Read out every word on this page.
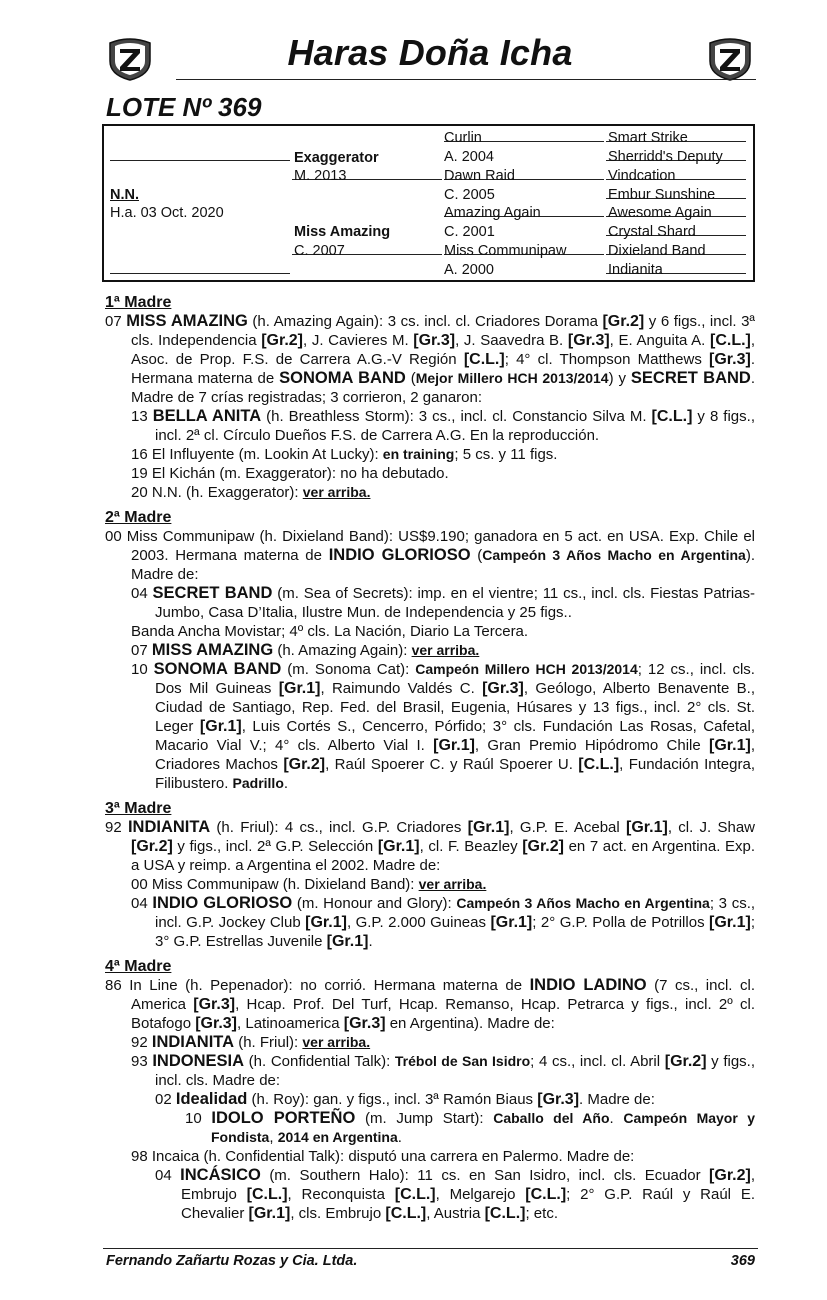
Haras Doña Icha
LOTE Nº 369
N.N.
H.a. 03 Oct. 2020
Exaggerator
M. 2013
Miss Amazing
C. 2007
Curlin
A. 2004
Dawn Raid
C. 2005
Amazing Again
C. 2001
Miss Communipaw
A. 2000
Smart Strike
Sherridd's Deputy
Vindcation
Embur Sunshine
Awesome Again
Crystal Shard
Dixieland Band
Indianita
1ª Madre
07 MISS AMAZING (h. Amazing Again): 3 cs. incl. cl. Criadores Dorama [Gr.2] y 6 figs., incl. 3ª cls. Independencia [Gr.2], J. Cavieres M. [Gr.3], J. Saavedra B. [Gr.3], E. Anguita A. [C.L.], Asoc. de Prop. F.S. de Carrera A.G.-V Región [C.L.]; 4° cl. Thompson Matthews [Gr.3]. Hermana materna de SONOMA BAND (Mejor Millero HCH 2013/2014) y SECRET BAND. Madre de 7 crías registradas; 3 corrieron, 2 ganaron:
13 BELLA ANITA (h. Breathless Storm): 3 cs., incl. cl. Constancio Silva M. [C.L.] y 8 figs., incl. 2ª cl. Círculo Dueños F.S. de Carrera A.G. En la reproducción.
16 El Influyente (m. Lookin At Lucky): en training; 5 cs. y 11 figs.
19 El Kichán (m. Exaggerator): no ha debutado.
20 N.N. (h. Exaggerator): ver arriba.
2ª Madre
00 Miss Communipaw (h. Dixieland Band): US$9.190; ganadora en 5 act. en USA. Exp. Chile el 2003. Hermana materna de INDIO GLORIOSO (Campeón 3 Años Macho en Argentina). Madre de:
04 SECRET BAND (m. Sea of Secrets): imp. en el vientre; 11 cs., incl. cls. Fiestas Patrias-Jumbo, Casa D’Italia, Ilustre Mun. de Independencia y 25 figs..
Banda Ancha Movistar; 4º cls. La Nación, Diario La Tercera.
07 MISS AMAZING (h. Amazing Again): ver arriba.
10 SONOMA BAND (m. Sonoma Cat): Campeón Millero HCH 2013/2014; 12 cs., incl. cls. Dos Mil Guineas [Gr.1], Raimundo Valdés C. [Gr.3], Geólogo, Alberto Benavente B., Ciudad de Santiago, Rep. Fed. del Brasil, Eugenia, Húsares y 13 figs., incl. 2° cls. St. Leger [Gr.1], Luis Cortés S., Cencerro, Pórfido; 3° cls. Fundación Las Rosas, Cafetal, Macario Vial V.; 4° cls. Alberto Vial I. [Gr.1], Gran Premio Hipódromo Chile [Gr.1], Criadores Machos [Gr.2], Raúl Spoerer C. y Raúl Spoerer U. [C.L.], Fundación Integra, Filibustero. Padrillo.
3ª Madre
92 INDIANITA (h. Friul): 4 cs., incl. G.P. Criadores [Gr.1], G.P. E. Acebal [Gr.1], cl. J. Shaw [Gr.2] y figs., incl. 2ª G.P. Selección [Gr.1], cl. F. Beazley [Gr.2] en 7 act. en Argentina. Exp. a USA y reimp. a Argentina el 2002. Madre de:
00 Miss Communipaw (h. Dixieland Band): ver arriba.
04 INDIO GLORIOSO (m. Honour and Glory): Campeón 3 Años Macho en Argentina; 3 cs., incl. G.P. Jockey Club [Gr.1], G.P. 2.000 Guineas [Gr.1]; 2° G.P. Polla de Potrillos [Gr.1]; 3° G.P. Estrellas Juvenile [Gr.1].
4ª Madre
86 In Line (h. Pepenador): no corrió. Hermana materna de INDIO LADINO (7 cs., incl. cl. America [Gr.3], Hcap. Prof. Del Turf, Hcap. Remanso, Hcap. Petrarca y figs., incl. 2º cl. Botafogo [Gr.3], Latinoamerica [Gr.3] en Argentina). Madre de:
92 INDIANITA (h. Friul): ver arriba.
93 INDONESIA (h. Confidential Talk): Trébol de San Isidro; 4 cs., incl. cl. Abril [Gr.2] y figs., incl. cls. Madre de:
02 Idealidad (h. Roy): gan. y figs., incl. 3ª Ramón Biaus [Gr.3]. Madre de:
10 IDOLO PORTEÑO (m. Jump Start): Caballo del Año. Campeón Mayor y Fondista, 2014 en Argentina.
98 Incaica (h. Confidential Talk): disputó una carrera en Palermo. Madre de:
04 INCÁSICO (m. Southern Halo): 11 cs. en San Isidro, incl. cls. Ecuador [Gr.2], Embrujo [C.L.], Reconquista [C.L.], Melgarejo [C.L.]; 2° G.P. Raúl y Raúl E. Chevalier [Gr.1], cls. Embrujo [C.L.], Austria [C.L.]; etc.
Fernando Zañartu Rozas y Cia. Ltda.	369
